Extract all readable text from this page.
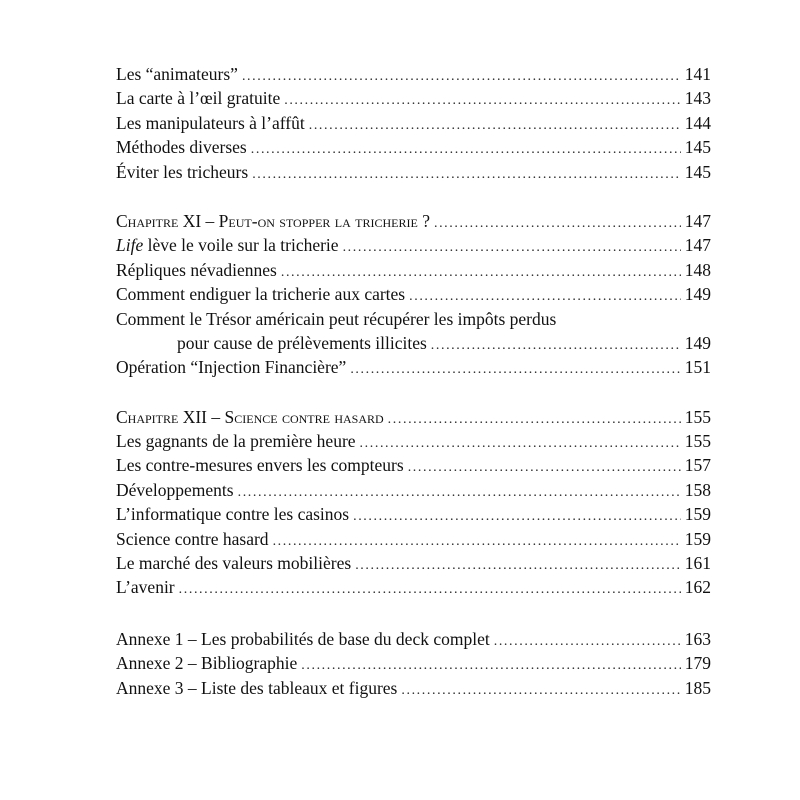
Les “animateurs” .....	141
La carte à l’œil gratuite .....	143
Les manipulateurs à l’affût .....	144
Méthodes diverses .....	145
Éviter les tricheurs .....	145
Chapitre XI – Peut-on stopper la tricherie ? .....	147
Life lève le voile sur la tricherie .....	147
Répliques névadiennes .....	148
Comment endiguer la tricherie aux cartes .....	149
Comment le Trésor américain peut récupérer les impôts perdus
pour cause de prélèvements illicites .....	149
Opération “Injection Financière” .....	151
Chapitre XII – Science contre hasard .....	155
Les gagnants de la première heure .....	155
Les contre-mesures envers les compteurs .....	157
Développements .....	158
L’informatique contre les casinos .....	159
Science contre hasard .....	159
Le marché des valeurs mobilières .....	161
L’avenir .....	162
Annexe 1 – Les probabilités de base du deck complet .....	163
Annexe 2 – Bibliographie .....	179
Annexe 3 – Liste des tableaux et figures .....	185
